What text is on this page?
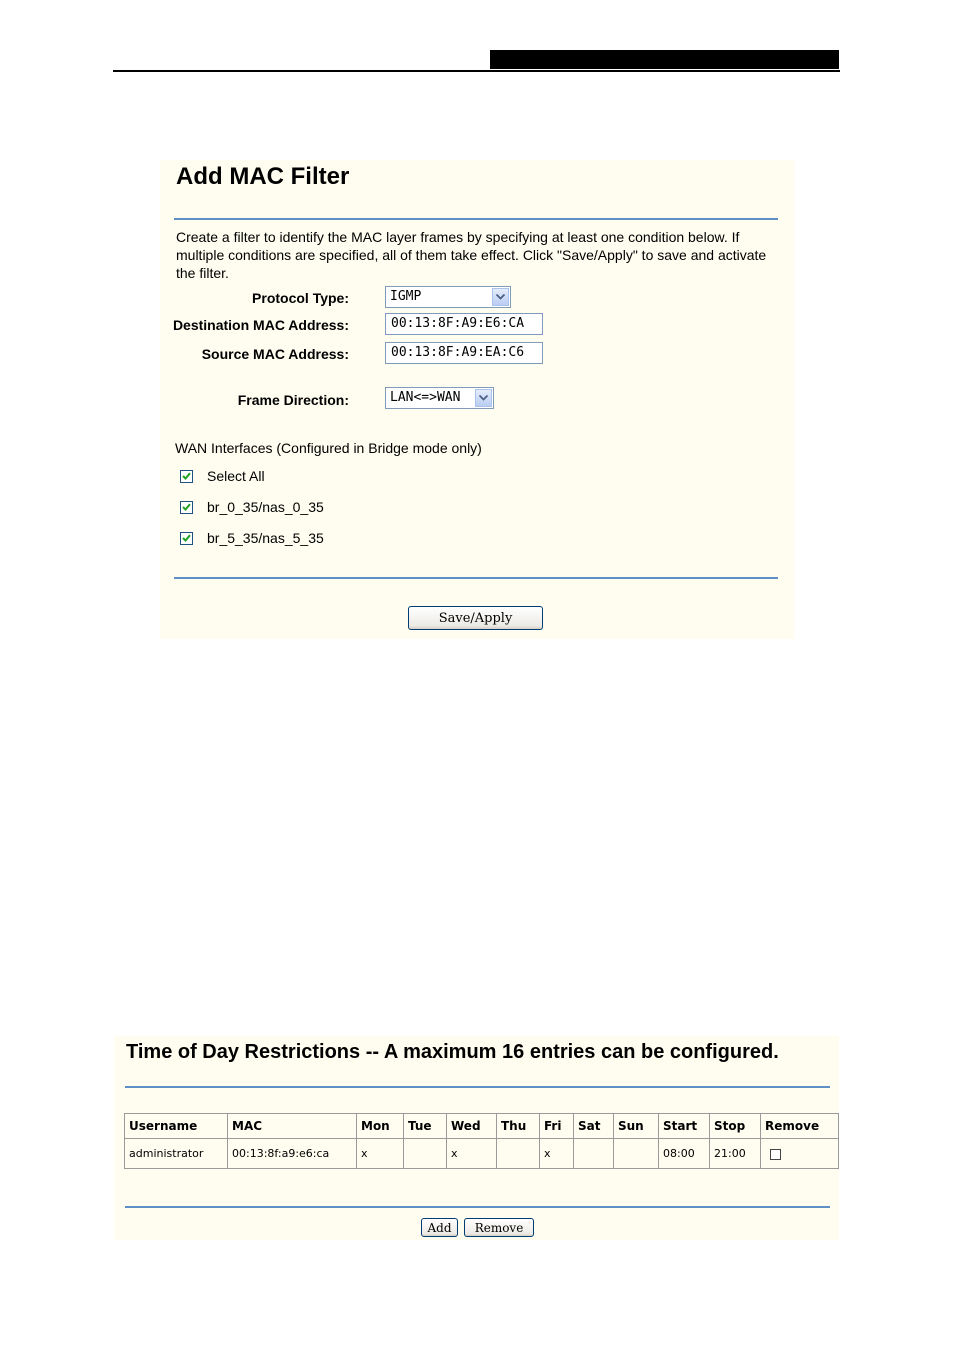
Add MAC Filter
Create a filter to identify the MAC layer frames by specifying at least one condition below. If multiple conditions are specified, all of them take effect. Click "Save/Apply" to save and activate the filter.
Protocol Type:	IGMP
Destination MAC Address:	00:13:8F:A9:E6:CA
Source MAC Address:	00:13:8F:A9:EA:C6
Frame Direction:	LAN<=>WAN
WAN Interfaces (Configured in Bridge mode only)
Select All
br_0_35/nas_0_35
br_5_35/nas_5_35
Save/Apply
Time of Day Restrictions -- A maximum 16 entries can be configured.
Username	MAC	Mon	Tue	Wed	Thu	Fri	Sat	Sun	Start	Stop	Remove
administrator	00:13:8f:a9:e6:ca	x		x		x			08:00	21:00	
Add	Remove
